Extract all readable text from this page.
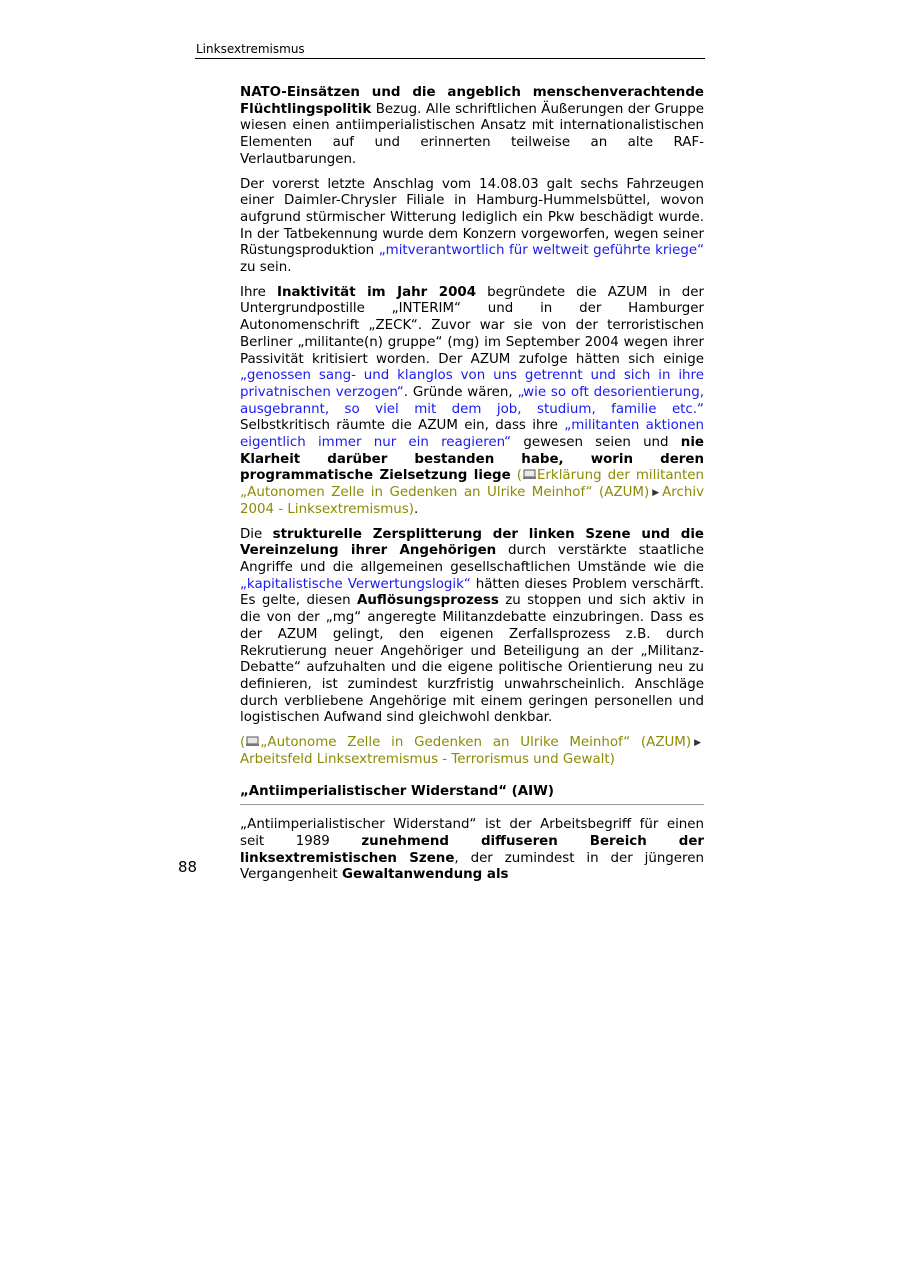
Linksextremismus

NATO-Einsätzen und die angeblich menschenverachtende Flüchtlingspolitik Bezug. Alle schriftlichen Äußerungen der Gruppe wiesen einen antiimperialistischen Ansatz mit internationalistischen Elementen auf und erinnerten teilweise an alte RAF-Verlautbarungen.

Der vorerst letzte Anschlag vom 14.08.03 galt sechs Fahrzeugen einer Daimler-Chrysler Filiale in Hamburg-Hummelsbüttel, wovon aufgrund stürmischer Witterung lediglich ein Pkw beschädigt wurde. In der Tatbekennung wurde dem Konzern vorgeworfen, wegen seiner Rüstungsproduktion „mitverantwortlich für weltweit geführte kriege“ zu sein.

Ihre Inaktivität im Jahr 2004 begründete die AZUM in der Untergrundpostille „INTERIM“ und in der Hamburger Autonomenschrift „ZECK“. Zuvor war sie von der terroristischen Berliner „militante(n) gruppe“ (mg) im September 2004 wegen ihrer Passivität kritisiert worden. Der AZUM zufolge hätten sich einige „genossen sang- und klanglos von uns getrennt und sich in ihre privatnischen verzogen“. Gründe wären, „wie so oft desorientierung, ausgebrannt, so viel mit dem job, studium, familie etc.“ Selbstkritisch räumte die AZUM ein, dass ihre „militanten aktionen eigentlich immer nur ein reagieren“ gewesen seien und nie Klarheit darüber bestanden habe, worin deren programmatische Zielsetzung liege ( Erklärung der militanten „Autonomen Zelle in Gedenken an Ulrike Meinhof“ (AZUM) ▶ Archiv 2004 - Linksextremismus).

Die strukturelle Zersplitterung der linken Szene und die Vereinzelung ihrer Angehörigen durch verstärkte staatliche Angriffe und die allgemeinen gesellschaftlichen Umstände wie die „kapitalistische Verwertungslogik“ hätten dieses Problem verschärft. Es gelte, diesen Auflösungsprozess zu stoppen und sich aktiv in die von der „mg“ angeregte Militanzdebatte einzubringen. Dass es der AZUM gelingt, den eigenen Zerfallsprozess z.B. durch Rekrutierung neuer Angehöriger und Beteiligung an der „Militanz-Debatte“ aufzuhalten und die eigene politische Orientierung neu zu definieren, ist zumindest kurzfristig unwahrscheinlich. Anschläge durch verbliebene Angehörige mit einem geringen personellen und logistischen Aufwand sind gleichwohl denkbar.

( „Autonome Zelle in Gedenken an Ulrike Meinhof“ (AZUM) ▶Arbeitsfeld Linksextremismus - Terrorismus und Gewalt)

„Antiimperialistischer Widerstand“ (AIW)

„Antiimperialistischer Widerstand“ ist der Arbeitsbegriff für einen seit 1989 zunehmend diffuseren Bereich der linksextremistischen Szene, der zumindest in der jüngeren Vergangenheit Gewaltanwendung als

88
